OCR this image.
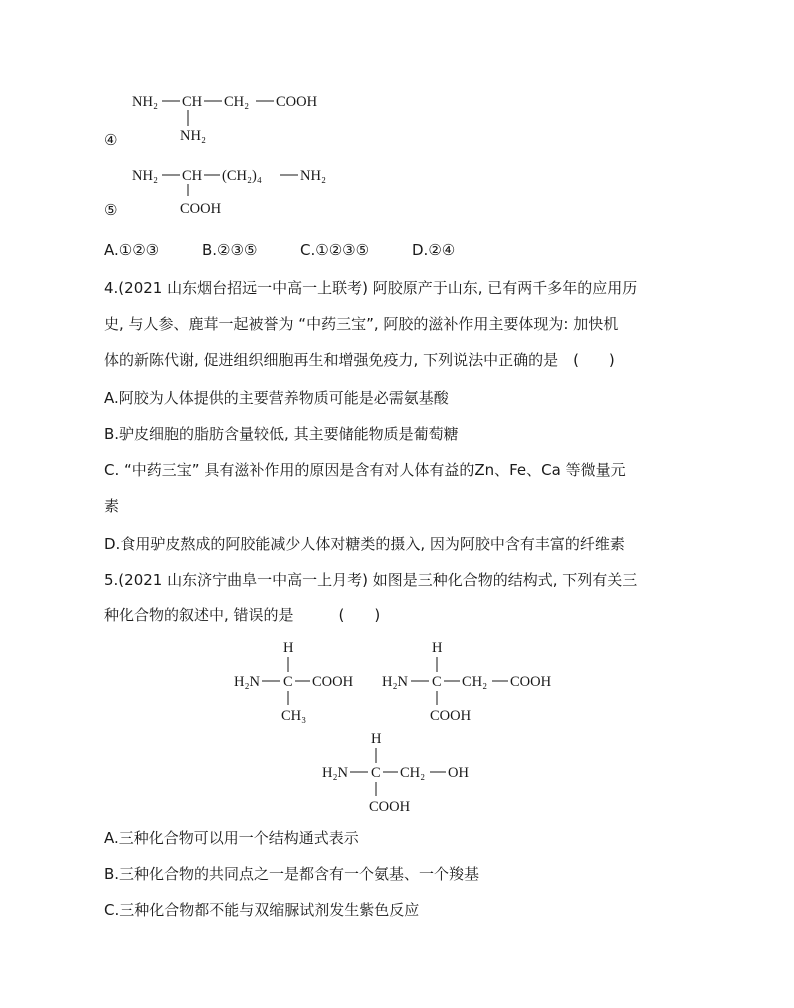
NH₂ CH CH₂ COOH
NH₂
④
NH₂ CH (CH₂)₄	NH₂
COOH
⑤
A.①②③	B.②③⑤	C.①②③⑤	D.②④
4.(2021 山东烟台招远一中高一上联考) 阿胶原产于山东, 已有两千多年的应用历
史, 与人参、鹿茸一起被誉为 “中药三宝”, 阿胶的滋补作用主要体现为: 加快机
体的新陈代谢, 促进组织细胞再生和增强免疫力, 下列说法中正确的是　(　　)
A.阿胶为人体提供的主要营养物质可能是必需氨基酸
B.驴皮细胞的脂肪含量较低, 其主要储能物质是葡萄糖
C. “中药三宝” 具有滋补作用的原因是含有对人体有益的Zn、Fe、Ca 等微量元
素
D.食用驴皮熬成的阿胶能减少人体对糖类的摄入, 因为阿胶中含有丰富的纤维素
5.(2021 山东济宁曲阜一中高一上月考) 如图是三种化合物的结构式, 下列有关三
种化合物的叙述中, 错误的是　　　(　　)
H
H₂N C COOH
CH₃
H
H₂N C CH₂ COOH
COOH
H
H₂N C CH₂ OH
COOH
A.三种化合物可以用一个结构通式表示
B.三种化合物的共同点之一是都含有一个氨基、一个羧基
C.三种化合物都不能与双缩脲试剂发生紫色反应
